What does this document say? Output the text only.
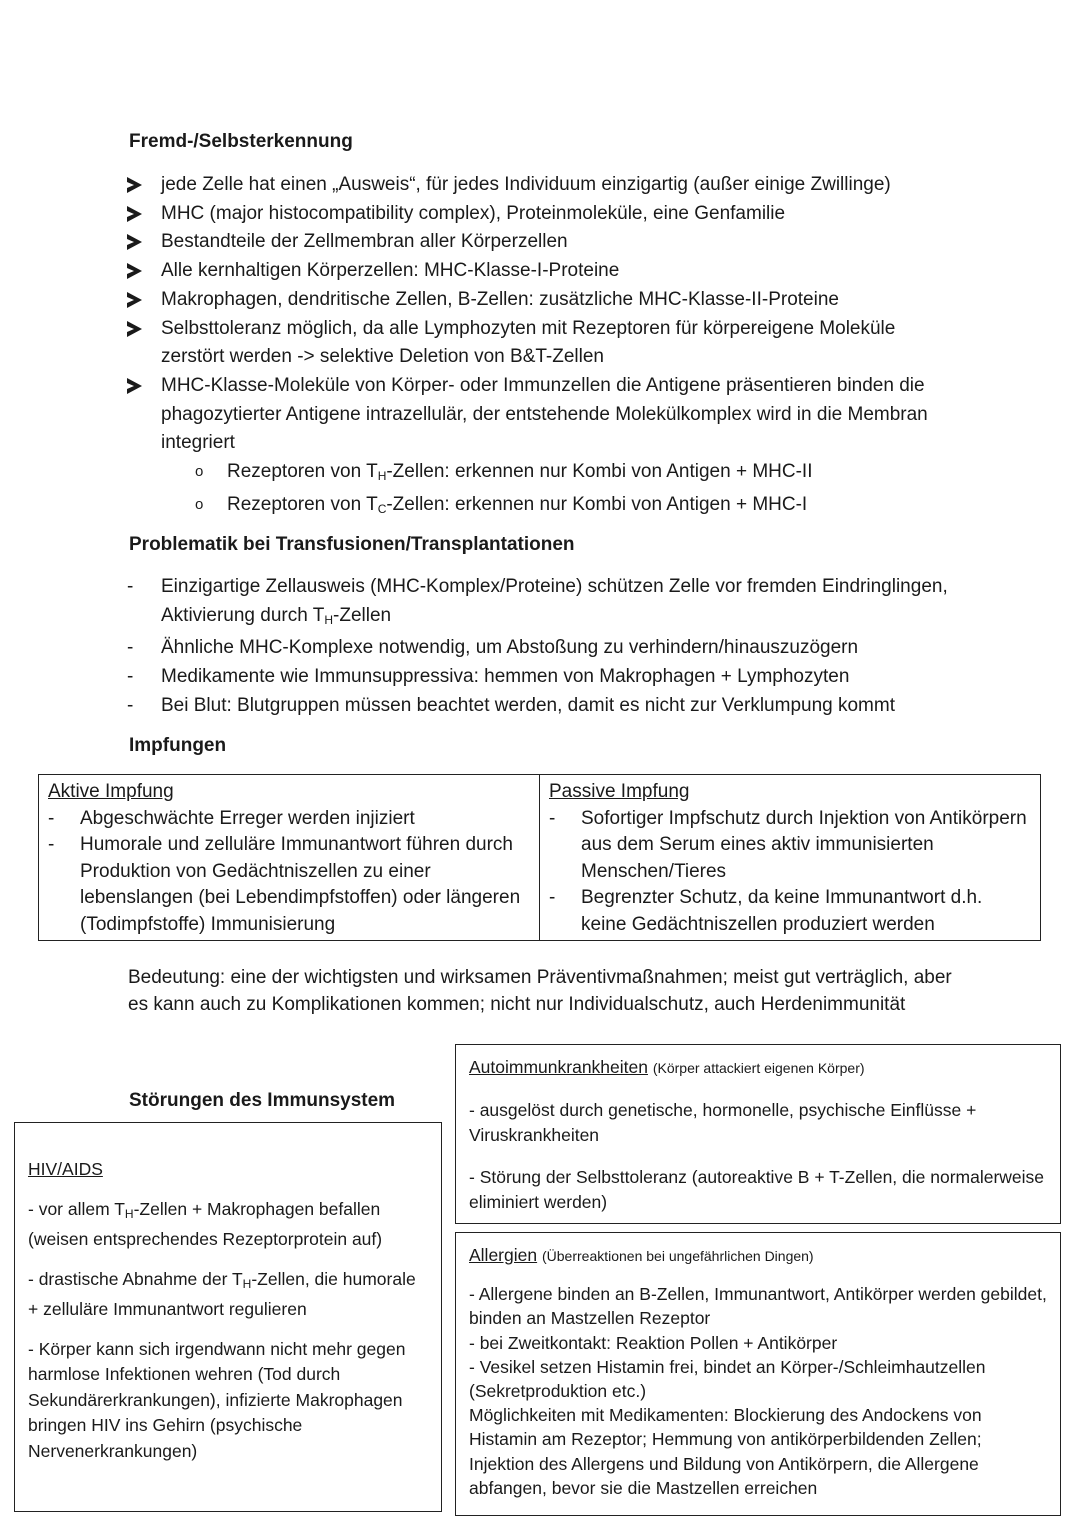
Fremd-/Selbsterkennung
jede Zelle hat einen „Ausweis“, für jedes Individuum einzigartig (außer einige Zwillinge)
MHC (major histocompatibility complex), Proteinmoleküle, eine Genfamilie
Bestandteile der Zellmembran aller Körperzellen
Alle kernhaltigen Körperzellen: MHC-Klasse-I-Proteine
Makrophagen, dendritische Zellen, B-Zellen: zusätzliche MHC-Klasse-II-Proteine
Selbsttoleranz möglich, da alle Lymphozyten mit Rezeptoren für körpereigene Moleküle zerstört werden -> selektive Deletion von B&T-Zellen
MHC-Klasse-Moleküle von Körper- oder Immunzellen die Antigene präsentieren binden die phagozytierter Antigene intrazellulär, der entstehende Molekülkomplex wird in die Membran integriert
o Rezeptoren von $T_H$-Zellen: erkennen nur Kombi von Antigen + MHC-II
o Rezeptoren von $T_C$-Zellen: erkennen nur Kombi von Antigen + MHC-I
Problematik bei Transfusionen/Transplantationen
- Einzigartige Zellausweis (MHC-Komplex/Proteine) schützen Zelle vor fremden Eindringlingen, Aktivierung durch $T_H$-Zellen
- Ähnliche MHC-Komplexe notwendig, um Abstoßung zu verhindern/hinauszuzögern
- Medikamente wie Immunsuppressiva: hemmen von Makrophagen + Lymphozyten
- Bei Blut: Blutgruppen müssen beachtet werden, damit es nicht zur Verklumpung kommt
Impfungen
Aktive Impfung
- Abgeschwächte Erreger werden injiziert
- Humorale und zelluläre Immunantwort führen durch Produktion von Gedächtniszellen zu einer lebenslangen (bei Lebendimpfstoffen) oder längeren (Todimpfstoffe) Immunisierung

Passive Impfung
- Sofortiger Impfschutz durch Injektion von Antikörpern aus dem Serum eines aktiv immunisierten Menschen/Tieres
- Begrenzter Schutz, da keine Immunantwort d.h. keine Gedächtniszellen produziert werden
Bedeutung: eine der wichtigsten und wirksamen Präventivmaßnahmen; meist gut verträglich, aber es kann auch zu Komplikationen kommen; nicht nur Individualschutz, auch Herdenimmunität
Störungen des Immunsystem
HIV/AIDS
- vor allem $T_H$-Zellen + Makrophagen befallen (weisen entsprechendes Rezeptorprotein auf)
- drastische Abnahme der $T_H$-Zellen, die humorale + zelluläre Immunantwort regulieren
- Körper kann sich irgendwann nicht mehr gegen harmlose Infektionen wehren (Tod durch Sekundärerkrankungen), infizierte Makrophagen bringen HIV ins Gehirn (psychische Nervenerkrankungen)
Autoimmunkrankheiten (Körper attackiert eigenen Körper)
- ausgelöst durch genetische, hormonelle, psychische Einflüsse + Viruskrankheiten
- Störung der Selbsttoleranz (autoreaktive B + T-Zellen, die normalerweise eliminiert werden)
Allergien (Überreaktionen bei ungefährlichen Dingen)
- Allergene binden an B-Zellen, Immunantwort, Antikörper werden gebildet, binden an Mastzellen Rezeptor
- bei Zweitkontakt: Reaktion Pollen + Antikörper
- Vesikel setzen Histamin frei, bindet an Körper-/Schleimhautzellen (Sekretproduktion etc.)
Möglichkeiten mit Medikamenten: Blockierung des Andockens von Histamin am Rezeptor; Hemmung von antikörperbildenden Zellen; Injektion des Allergens und Bildung von Antikörpern, die Allergene abfangen, bevor sie die Mastzellen erreichen
